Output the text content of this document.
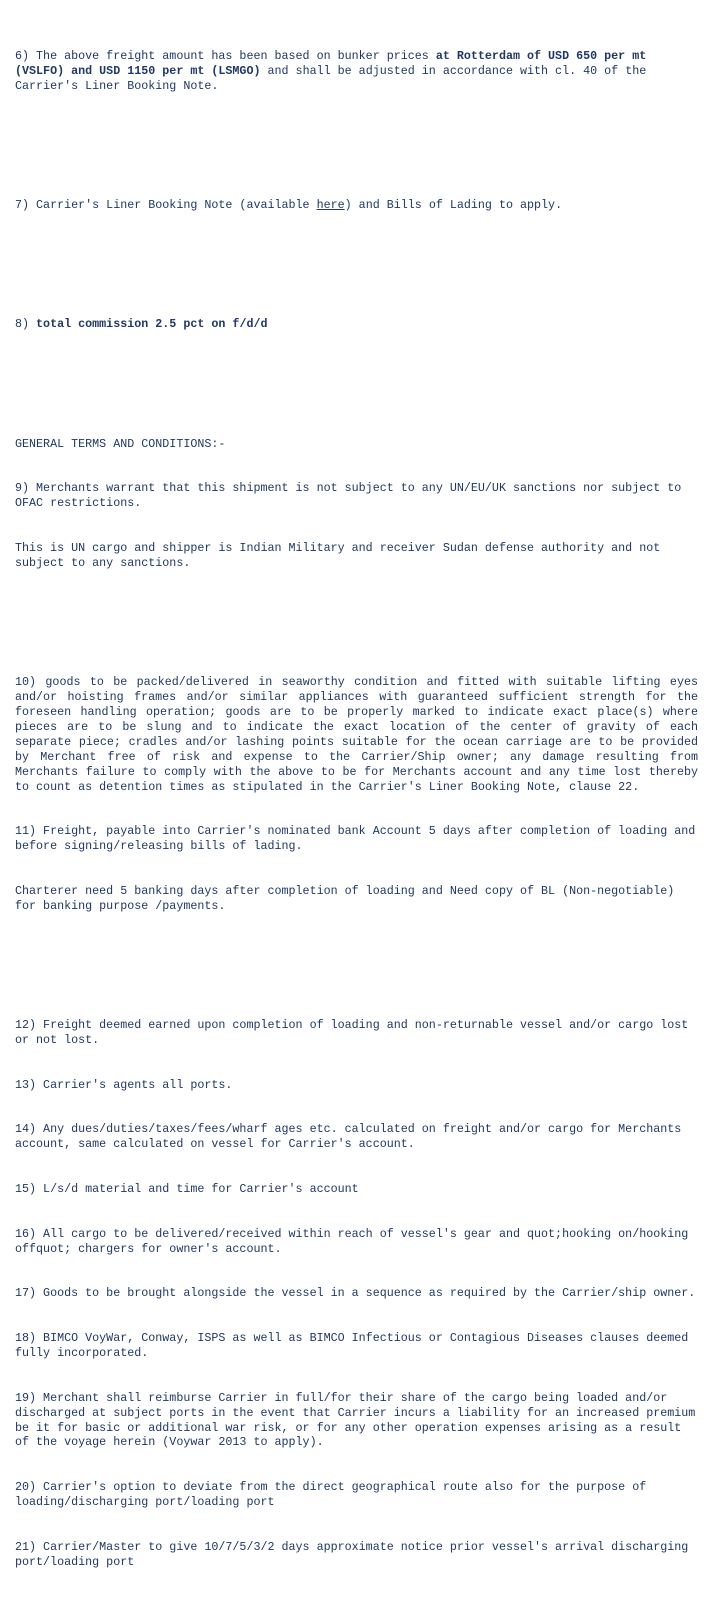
6) The above freight amount has been based on bunker prices at Rotterdam of USD 650 per mt (VSLFO) and USD 1150 per mt (LSMGO) and shall be adjusted in accordance with cl. 40 of the Carrier's Liner Booking Note.

7) Carrier's Liner Booking Note (available here) and Bills of Lading to apply.

8) total commission 2.5 pct on f/d/d

GENERAL TERMS AND CONDITIONS:-

9) Merchants warrant that this shipment is not subject to any UN/EU/UK sanctions nor subject to OFAC restrictions.

This is UN cargo and shipper is Indian Military and receiver Sudan defense authority and not subject to any sanctions.

10) goods to be packed/delivered in seaworthy condition and fitted with suitable lifting eyes and/or hoisting frames and/or similar appliances with guaranteed sufficient strength for the foreseen handling operation; goods are to be properly marked to indicate exact place(s) where pieces are to be slung and to indicate the exact location of the center of gravity of each separate piece; cradles and/or lashing points suitable for the ocean carriage are to be provided by Merchant free of risk and expense to the Carrier/Ship owner; any damage resulting from Merchants failure to comply with the above to be for Merchants account and any time lost thereby to count as detention times as stipulated in the Carrier's Liner Booking Note, clause 22.

11) Freight, payable into Carrier's nominated bank Account 5 days after completion of loading and before signing/releasing bills of lading.

Charterer need 5 banking days after completion of loading and Need copy of BL (Non-negotiable) for banking purpose /payments.

12) Freight deemed earned upon completion of loading and non-returnable vessel and/or cargo lost or not lost.

13) Carrier's agents all ports.

14) Any dues/duties/taxes/fees/wharf ages etc. calculated on freight and/or cargo for Merchants account, same calculated on vessel for Carrier's account.

15) L/s/d material and time for Carrier's account

16) All cargo to be delivered/received within reach of vessel's gear and quot;hooking on/hooking offquot; chargers for owner's account.

17) Goods to be brought alongside the vessel in a sequence as required by the Carrier/ship owner.

18) BIMCO VoyWar, Conway, ISPS as well as BIMCO Infectious or Contagious Diseases clauses deemed fully incorporated.

19) Merchant shall reimburse Carrier in full/for their share of the cargo being loaded and/or discharged at subject ports in the event that Carrier incurs a liability for an increased premium be it for basic or additional war risk, or for any other operation expenses arising as a result of the voyage herein (Voywar 2013 to apply).

20) Carrier's option to deviate from the direct geographical route also for the purpose of loading/discharging port/loading port

21) Carrier/Master to give 10/7/5/3/2 days approximate notice prior vessel's arrival discharging port/loading port
